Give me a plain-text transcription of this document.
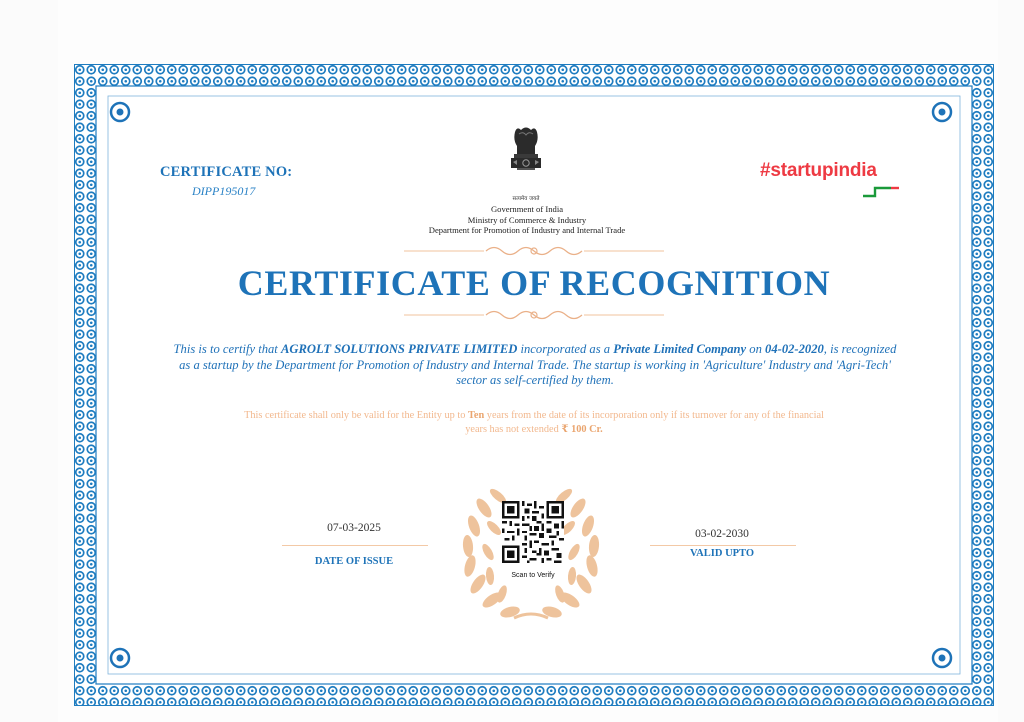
CERTIFICATE NO:
DIPP195017
सत्यमेव जयते
Government of India
Ministry of Commerce & Industry
Department for Promotion of Industry and Internal Trade
#startupindia
CERTIFICATE OF RECOGNITION
This is to certify that AGROLT SOLUTIONS PRIVATE LIMITED incorporated as a Private Limited Company on 04-02-2020, is recognized as a startup by the Department for Promotion of Industry and Internal Trade. The startup is working in 'Agriculture' Industry and 'Agri-Tech' sector as self-certified by them.
This certificate shall only be valid for the Entity up to Ten years from the date of its incorporation only if its turnover for any of the financial years has not extended ₹ 100 Cr.
07-03-2025
DATE OF ISSUE
03-02-2030
VALID UPTO
Scan to Verify
